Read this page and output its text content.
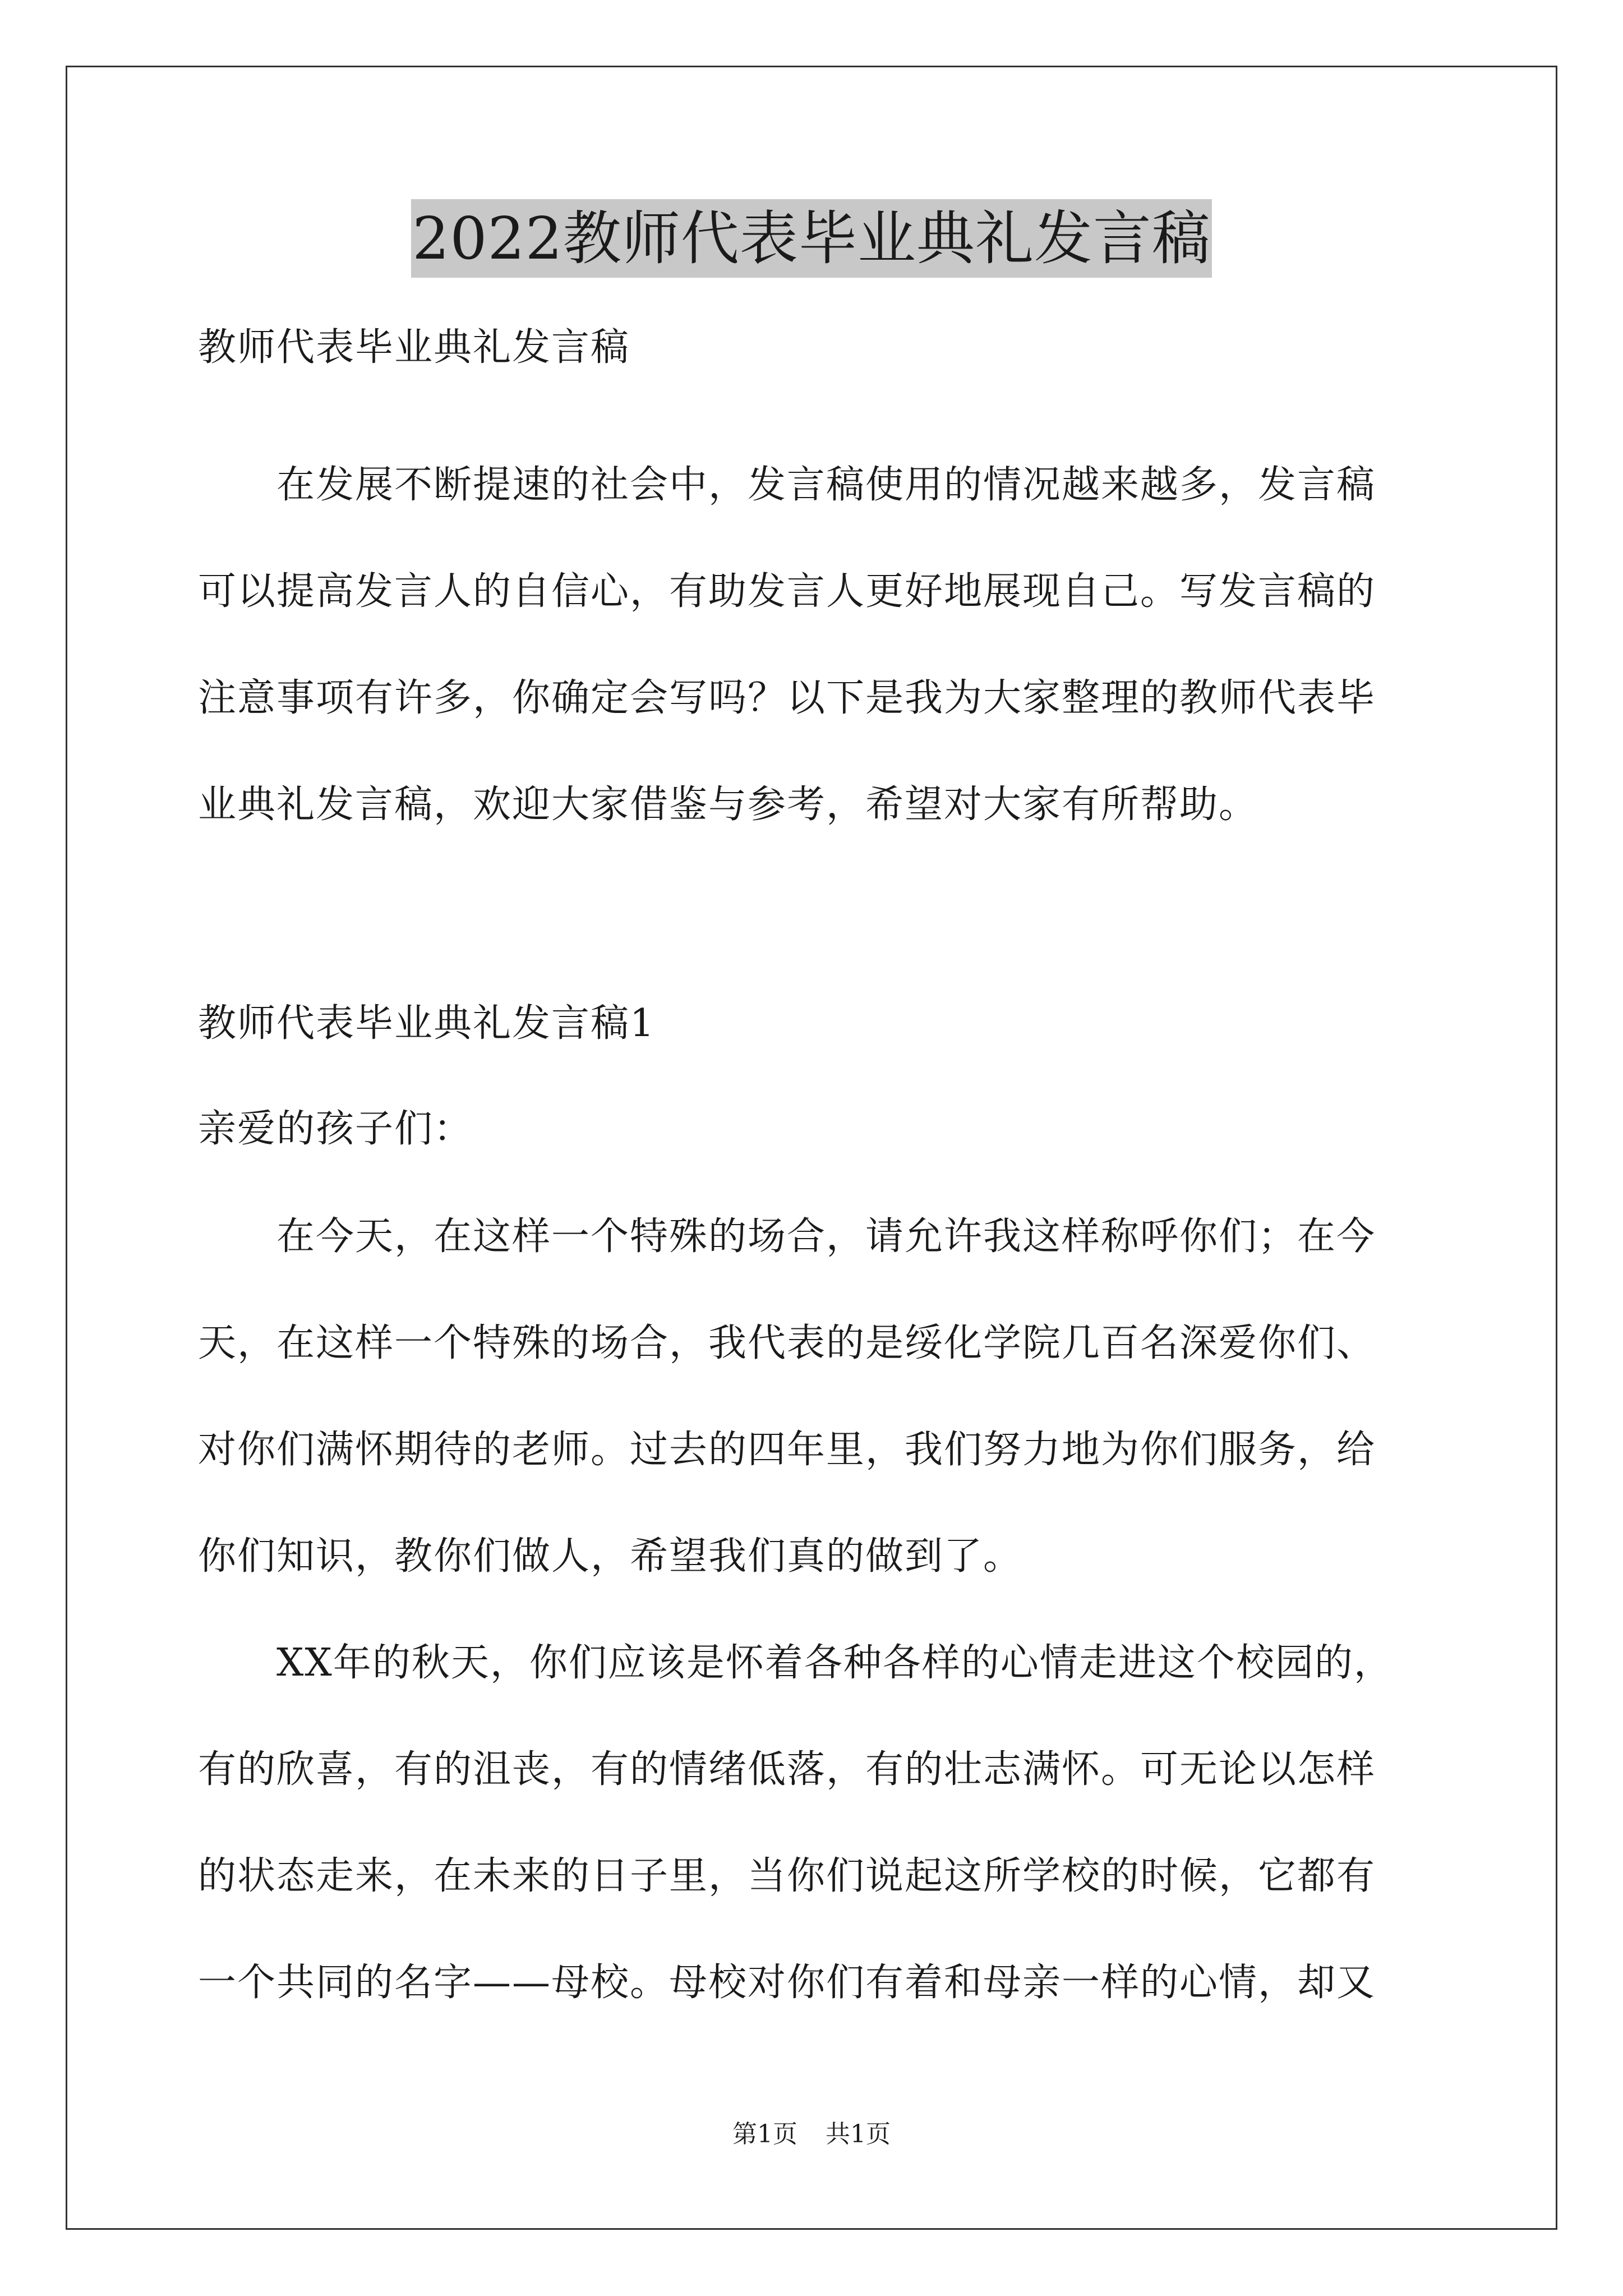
2022教师代表毕业典礼发言稿
教师代表毕业典礼发言稿
　　在发展不断提速的社会中，发言稿使用的情况越来越多，发言稿
可以提高发言人的自信心，有助发言人更好地展现自己。写发言稿的
注意事项有许多，你确定会写吗？以下是我为大家整理的教师代表毕
业典礼发言稿，欢迎大家借鉴与参考，希望对大家有所帮助。
教师代表毕业典礼发言稿1
亲爱的孩子们：
　　在今天，在这样一个特殊的场合，请允许我这样称呼你们；在今
天，在这样一个特殊的场合，我代表的是绥化学院几百名深爱你们、
对你们满怀期待的老师。过去的四年里，我们努力地为你们服务，给
你们知识，教你们做人，希望我们真的做到了。
　　XX年的秋天，你们应该是怀着各种各样的心情走进这个校园的，
有的欣喜，有的沮丧，有的情绪低落，有的壮志满怀。可无论以怎样
的状态走来，在未来的日子里，当你们说起这所学校的时候，它都有
一个共同的名字——母校。母校对你们有着和母亲一样的心情，却又
第1页 共1页
